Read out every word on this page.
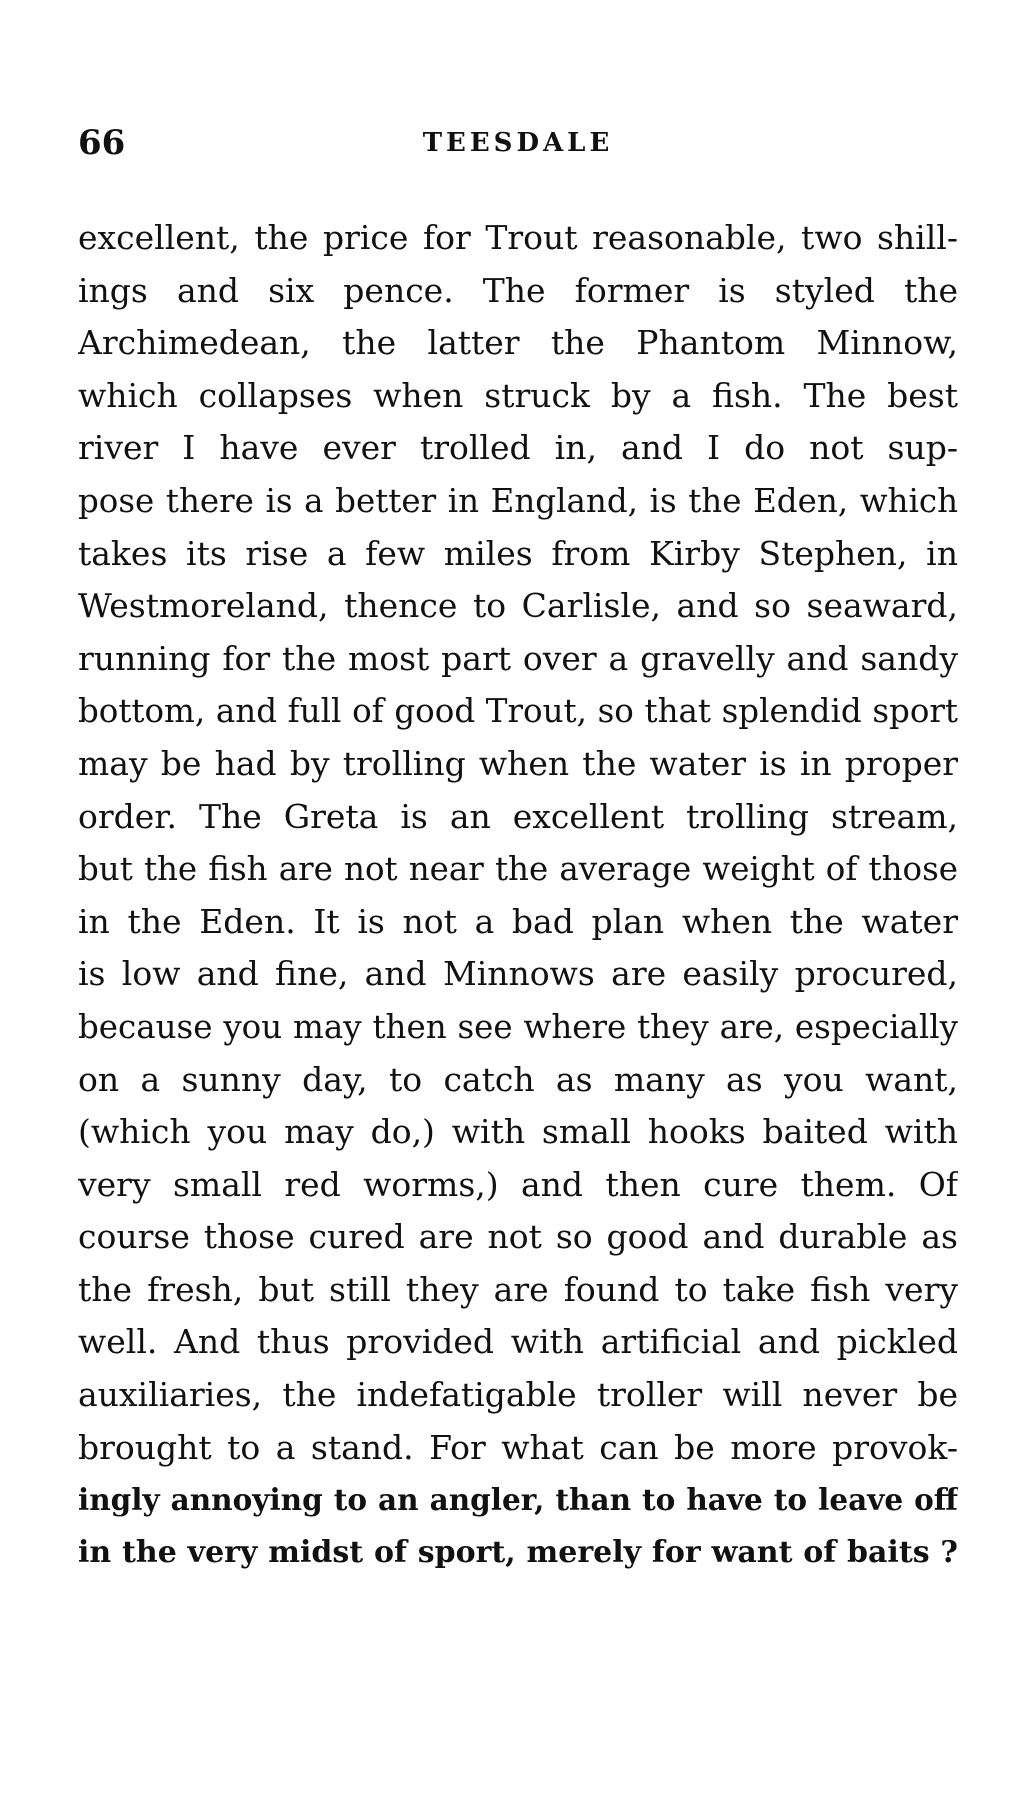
66	TEESDALE
excellent, the price for Trout reasonable, two shill-
ings and six pence. The former is styled the
Archimedean, the latter the Phantom Minnow,
which collapses when struck by a fish. The best
river I have ever trolled in, and I do not sup-
pose there is a better in England, is the Eden, which
takes its rise a few miles from Kirby Stephen, in
Westmoreland, thence to Carlisle, and so seaward,
running for the most part over a gravelly and sandy
bottom, and full of good Trout, so that splendid sport
may be had by trolling when the water is in proper
order. The Greta is an excellent trolling stream,
but the fish are not near the average weight of those
in the Eden. It is not a bad plan when the water
is low and fine, and Minnows are easily procured,
because you may then see where they are, especially
on a sunny day, to catch as many as you want,
(which you may do,) with small hooks baited with
very small red worms,) and then cure them. Of
course those cured are not so good and durable as
the fresh, but still they are found to take fish very
well. And thus provided with artificial and pickled
auxiliaries, the indefatigable troller will never be
brought to a stand. For what can be more provok-
ingly annoying to an angler, than to have to leave off
in the very midst of sport, merely for want of baits ?
